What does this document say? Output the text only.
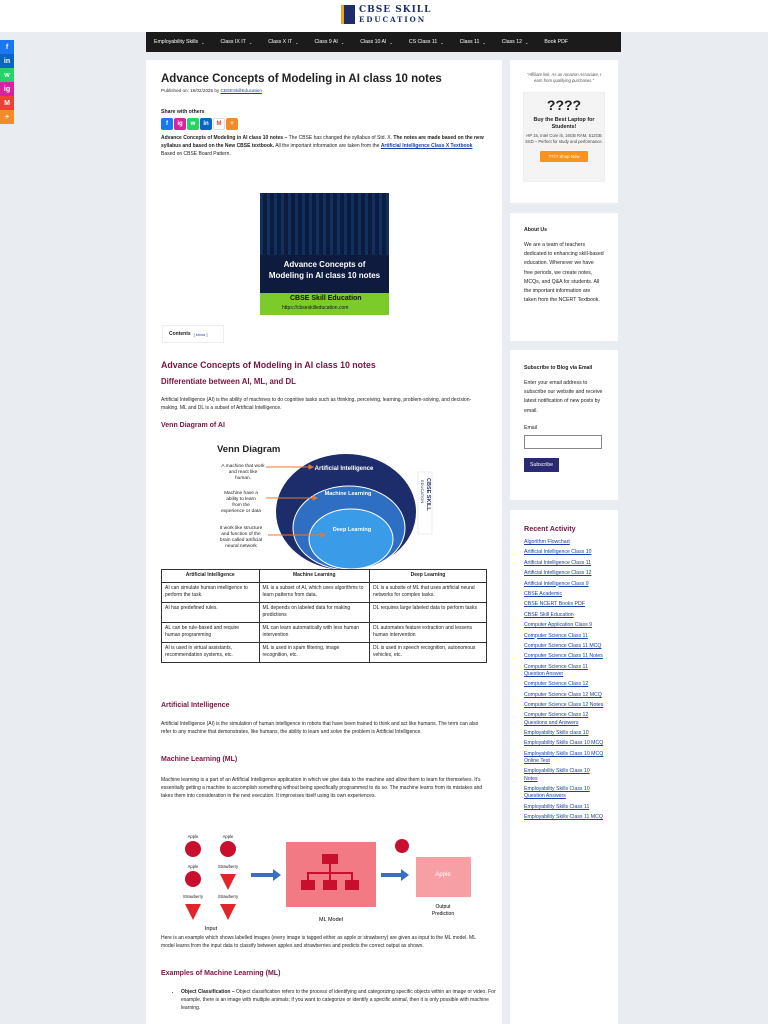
CBSE SKILL
EDUCATION
Employability Skills ⌄	Class IX IT ⌄	Class X IT ⌄	Class 9 AI ⌄	Class 10 AI ⌄	CS Class 11 ⌄	Class 11 ⌄	Class 12 ⌄	Book PDF
f
in
w
ig
M
+
Advance Concepts of Modeling in AI class 10 notes
Published on: 18/02/2025 by CBSESkillEducation
Share with others
f	ig	w	in	M	+

Advance Concepts of Modeling in AI class 10 notes – The CBSE has changed the syllabus of Std. X. The notes are made based on the new syllabus and based on the New CBSE textbook. All the important information are taken from the Artificial Intelligence Class X Textbook Based on CBSE Board Pattern.

Advance Concepts of
Modeling in AI class 10 notes
CBSE Skill Education
https://cbseskilleducation.com
Contents [ show ]
Advance Concepts of Modeling in AI class 10 notes
Differentiate between AI, ML, and DL

Artificial Intelligence (AI) is the ability of machines to do cognitive tasks such as thinking, perceiving, learning, problem-solving, and decision-making. ML and DL is a subset of Artificial Intelligence.

Venn Diagram of AI
Venn Diagram
Artificial Intelligence
Machine Learning
Deep Learning
A machine that work
and react like
human.
Machine have a
ability to learn
from the
experience or data
It work like structure
and function of the
brain called artificial
neural network
CBSE SKILL
EDUCATION
Artificial Intelligence	Machine Learning	Deep Learning
AI can simulate human intelligence to perform the task.	ML is a subset of AI, which uses algorithms to learn patterns from data.	DL is a subsite of ML that uses artificial neural networks for complex tasks.
AI has predefined rules.	ML depends on labeled data for making predictions	DL requires large labeled data to perform tasks
AL can be rule-based and require human programming	ML can learn automatically with less human intervention	DL automates feature extraction and lessens human intervention
AI is used in virtual assistants, recommendation systems, etc.	ML is used in spam filtering, image recognition, etc.	DL is used in speech recognition, autonomous vehicles, etc.
Artificial Intelligence

Artificial Intelligence (AI) is the simulation of human intelligence in robots that have been trained to think and act like humans. The term can also refer to any machine that demonstrates, like humans, the ability to learn and solve the problem is Artificial Intelligence.

Machine Learning (ML)

Machine learning is a part of an Artificial Intelligence application in which we give data to the machine and allow them to learn for themselves. It's essentially getting a machine to accomplish something without being specifically programmed to do so. The machine learns from its mistakes and takes them into consideration in the next execution. It improvises itself using its own experiences.

Apple	Apple
Apple	Strawberry
Strawberry	Strawberry
Input
ML Model
Apple
Output
Prediction

Here is an example which shows labelled images (every image is tagged either as apple or strawberry) are given as input to the ML model. ML model learns from the input data to classify between apples and strawberries and predicts the correct output as shown.

Examples of Machine Learning (ML)
• Object Classification – Object classification refers to the process of identifying and categorizing specific objects within an image or video. For example, there is an image with multiple animals; if you want to categorize or identify a specific animal, then it is only possible with machine learning.
"Affiliate link, As an Amazon Associate, I earn from qualifying purchases."
????
Buy the Best Laptop for Students!
HP 15, Intel Core i5, 16GB RAM, 512GB SSD – Perfect for study and performance.
???? Shop Now
About Us
We are a team of teachers dedicated to enhancing skill-based education. Whenever we have free periods, we create notes, MCQs, and Q&A for students. All the important information are taken from the NCERT Textbook.
Subscribe to Blog via Email
Enter your email address to subscribe our website and receive latest notification of new posts by email.
Email
Subscribe
Recent Activity
Algorithm Flowchart
Artificial Intelligence Class 10
Artificial Intelligence Class 11
Artificial Intelligence Class 12
Artificial Intelligence Class 9
CBSE Academic
CBSE NCERT Books PDF
CBSE Skill Education
Computer Application Class 9
Computer Science Class 11
Computer Science Class 11 MCQ
Computer Science Class 11 Notes
Computer Science Class 11 Question Answer
Computer Science Class 12
Computer Science Class 12 MCQ
Computer Science Class 12 Notes
Computer Science Class 12 Questions and Answers
Employability Skills class 10
Employability Skills Class 10 MCQ
Employability Skills Class 10 MCQ Online Test
Employability Skills Class 10 Notes
Employability Skills Class 10 Question Answers
Employability Skills Class 11
Employability Skills Class 11 MCQ
